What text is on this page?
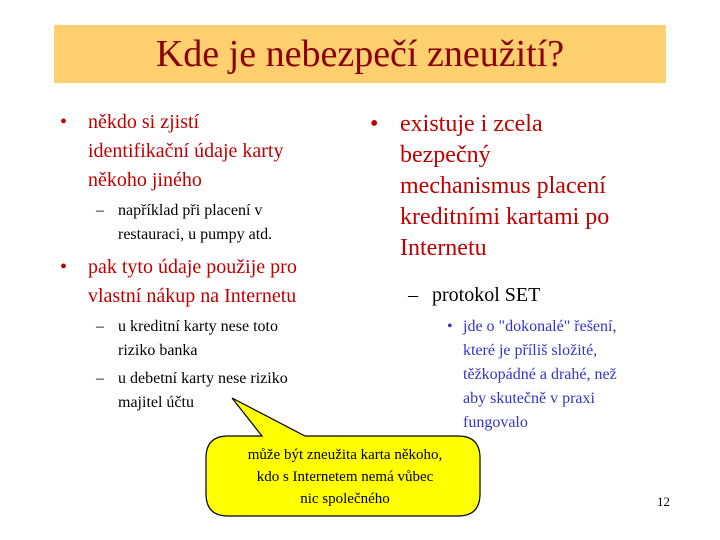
Kde je nebezpečí zneužití?
• někdo si zjistí
identifikační údaje karty
někoho jiného
– například při placení v
restauraci, u pumpy atd.
• pak tyto údaje použije pro
vlastní nákup na Internetu
– u kreditní karty nese toto
riziko banka
– u debetní karty nese riziko
majitel účtu
• existuje i zcela
bezpečný
mechanismus placení
kreditními kartami po
Internetu
– protokol SET
• jde o "dokonalé" řešení,
které je příliš složité,
těžkopádné a drahé, než
aby skutečně v praxi
fungovalo
může být zneužita karta někoho,
kdo s Internetem nemá vůbec
nic společného	12
